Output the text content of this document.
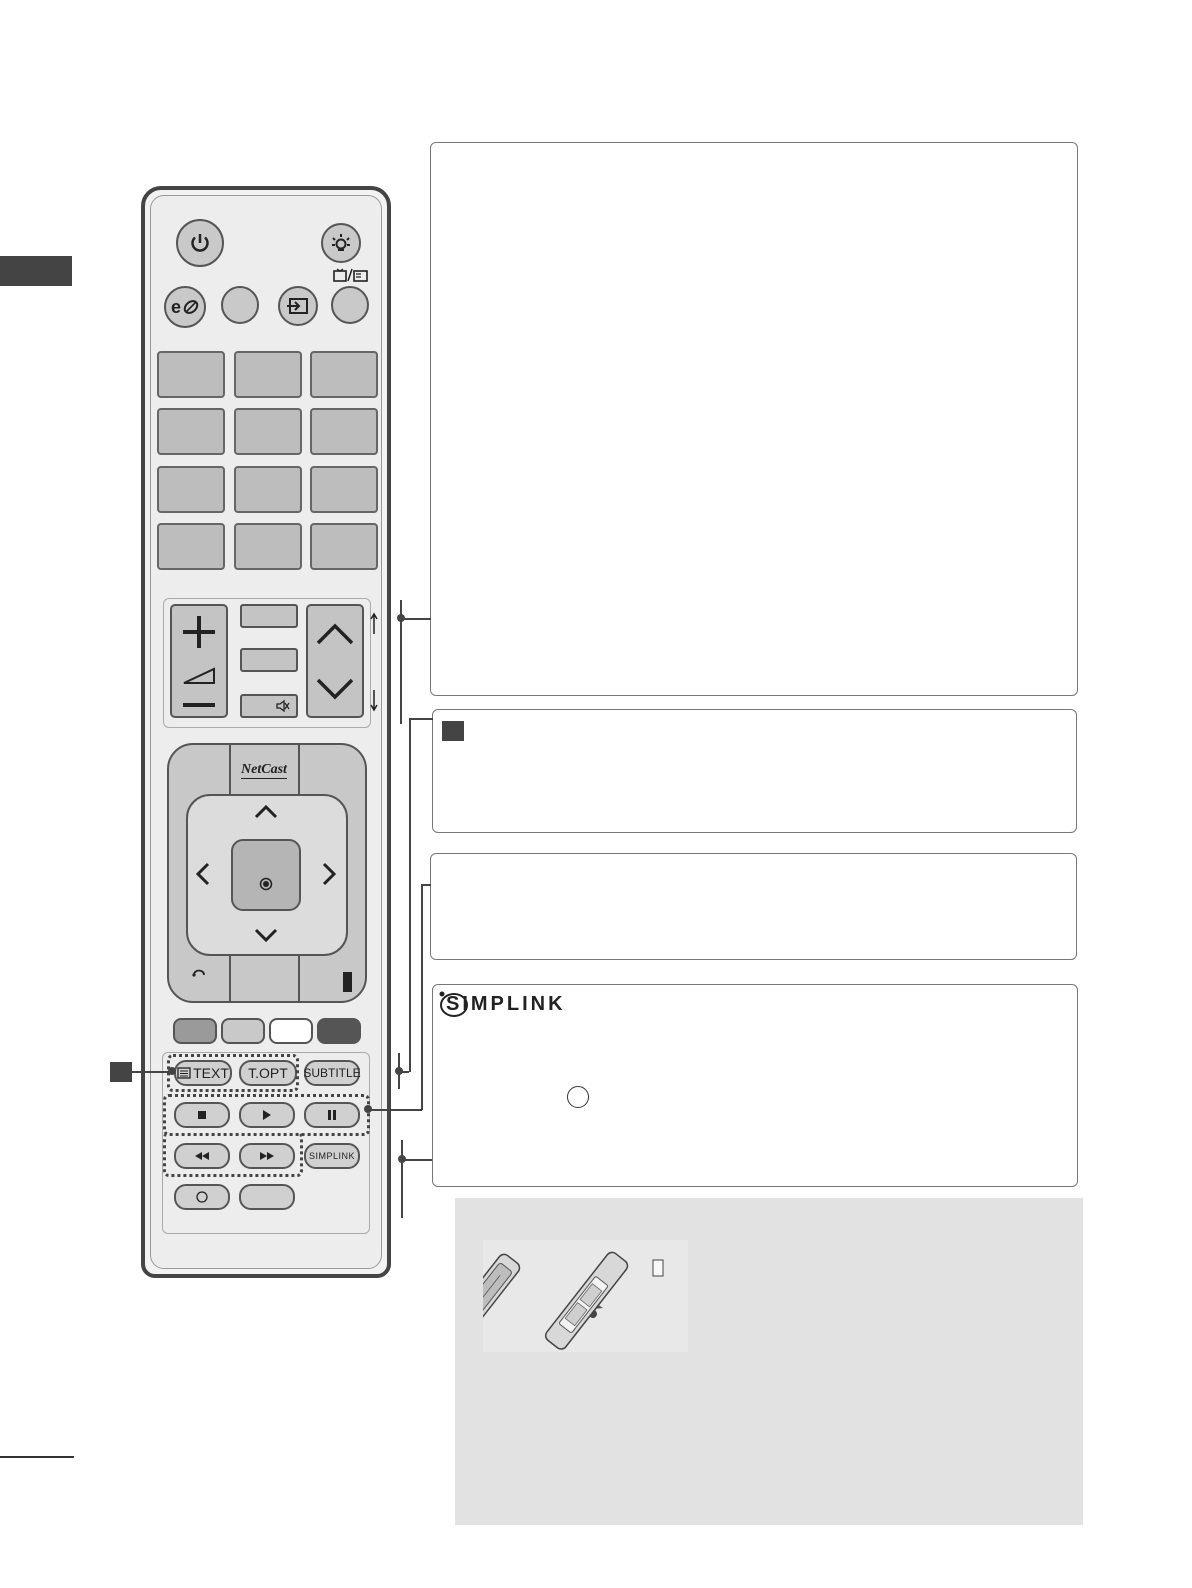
e
NetCast
TEXT T.OPT SUBTITLE
SIMPLINK
SIMPLINK
